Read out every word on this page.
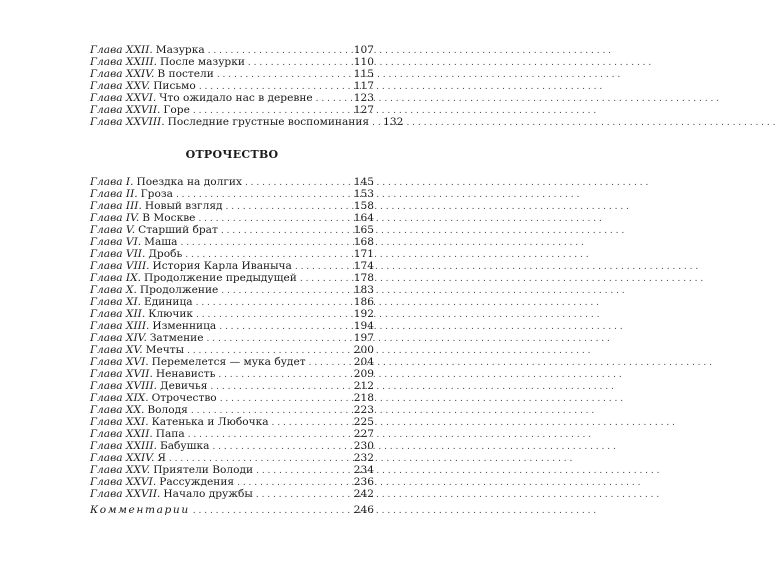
Глава XXII. Мазурка . . .	107
Глава XXIII. После мазурки . . .	110
Глава XXIV. В постели . . .	115
Глава XXV. Письмо . . .	117
Глава XXVI. Что ожидало нас в деревне . . .	123
Глава XXVII. Горе . . .	127
Глава XXVIII. Последние грустные воспоминания . . . 132
ОТРОЧЕСТВО
Глава I. Поездка на долгих . . .	145
Глава II. Гроза . . .	153
Глава III. Новый взгляд . . .	158
Глава IV. В Москве . . .	164
Глава V. Старший брат . . .	165
Глава VI. Маша . . .	168
Глава VII. Дробь . . .	171
Глава VIII. История Карла Иваныча . . .	174
Глава IX. Продолжение предыдущей . . .	178
Глава X. Продолжение . . .	183
Глава XI. Единица . . .	186
Глава XII. Ключик . . .	192
Глава XIII. Изменница . . .	194
Глава XIV. Затмение . . .	197
Глава XV. Мечты . . .	200
Глава XVI. Перемелется — мука будет . . .	204
Глава XVII. Ненависть . . .	209
Глава XVIII. Девичья . . .	212
Глава XIX. Отрочество . . .	218
Глава XX. Володя . . .	223
Глава XXI. Катенька и Любочка . . .	225
Глава XXII. Папа . . .	227
Глава XXIII. Бабушка . . .	230
Глава XXIV. Я . . .	232
Глава XXV. Приятели Володи . . .	234
Глава XXVI. Рассуждения . . .	236
Глава XXVII. Начало дружбы . . .	242
Комментарии . . .	246
